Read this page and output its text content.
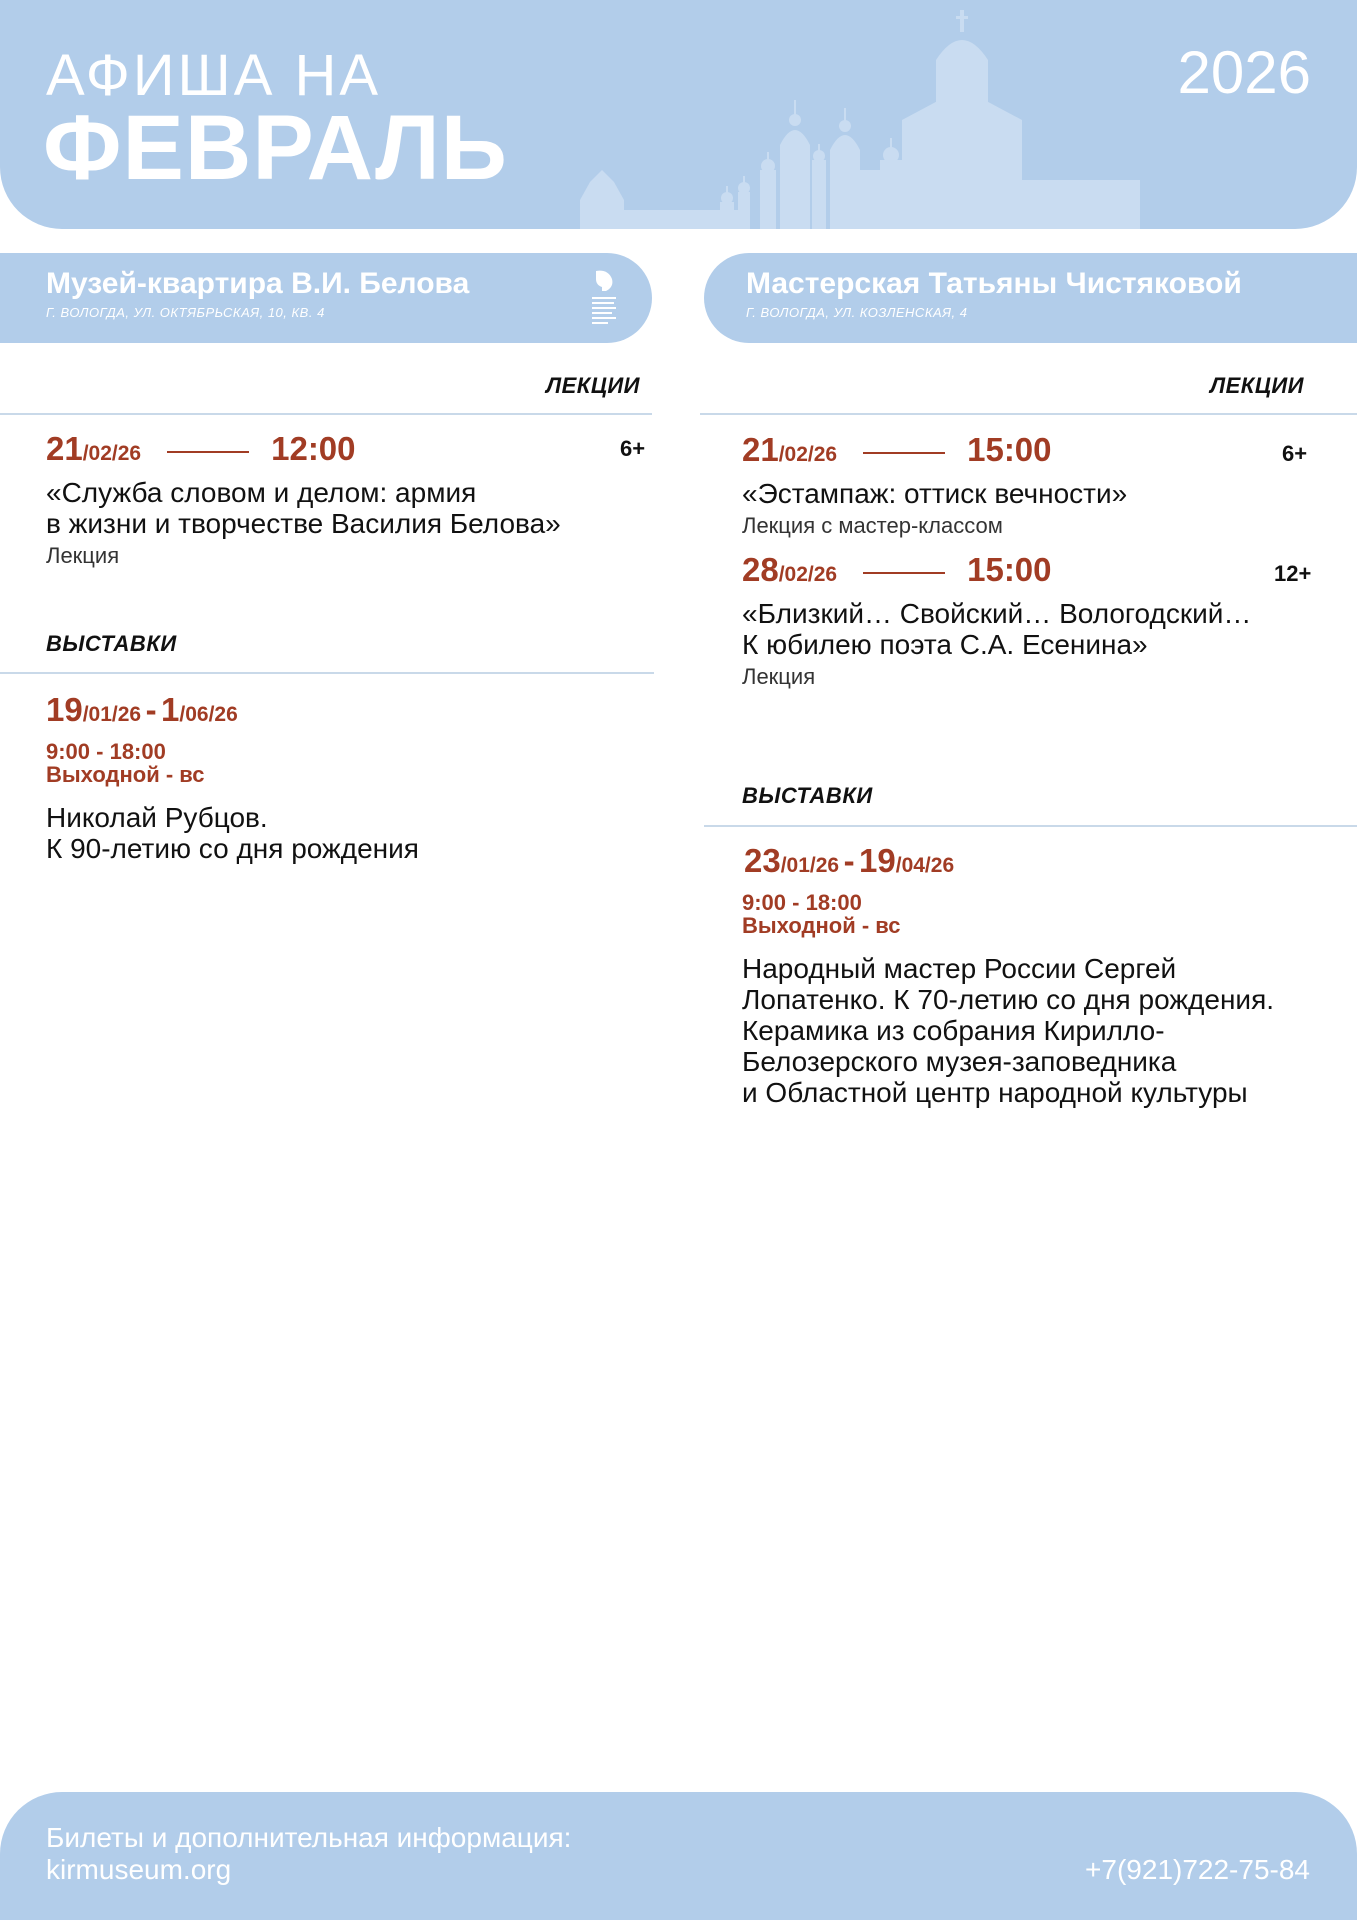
АФИША НА
ФЕВРАЛЬ
2026
Музей-квартира В.И. Белова
Г. ВОЛОГДА, УЛ. ОКТЯБРЬСКАЯ, 10, КВ. 4
Мастерская Татьяны Чистяковой
Г. ВОЛОГДА, УЛ. КОЗЛЕНСКАЯ, 4
ЛЕКЦИИ
21/02/26	12:00	6+
«Служба словом и делом: армия
в жизни и творчестве Василия Белова»
Лекция
ВЫСТАВКИ
19/01/26 - 1/06/26
9:00 - 18:00
Выходной - вс
Николай Рубцов.
К 90-летию со дня рождения
ЛЕКЦИИ
21/02/26	15:00	6+
«Эстампаж: оттиск вечности»
Лекция с мастер-классом
28/02/26	15:00	12+
«Близкий… Свойский… Вологодский…
К юбилею поэта С.А. Есенина»
Лекция
ВЫСТАВКИ
23/01/26 - 19/04/26
9:00 - 18:00
Выходной - вс
Народный мастер России Сергей
Лопатенко. К 70-летию со дня рождения.
Керамика из собрания Кирилло-
Белозерского музея-заповедника
и Областной центр народной культуры
Билеты и дополнительная информация:
kirmuseum.org	+7(921)722-75-84
